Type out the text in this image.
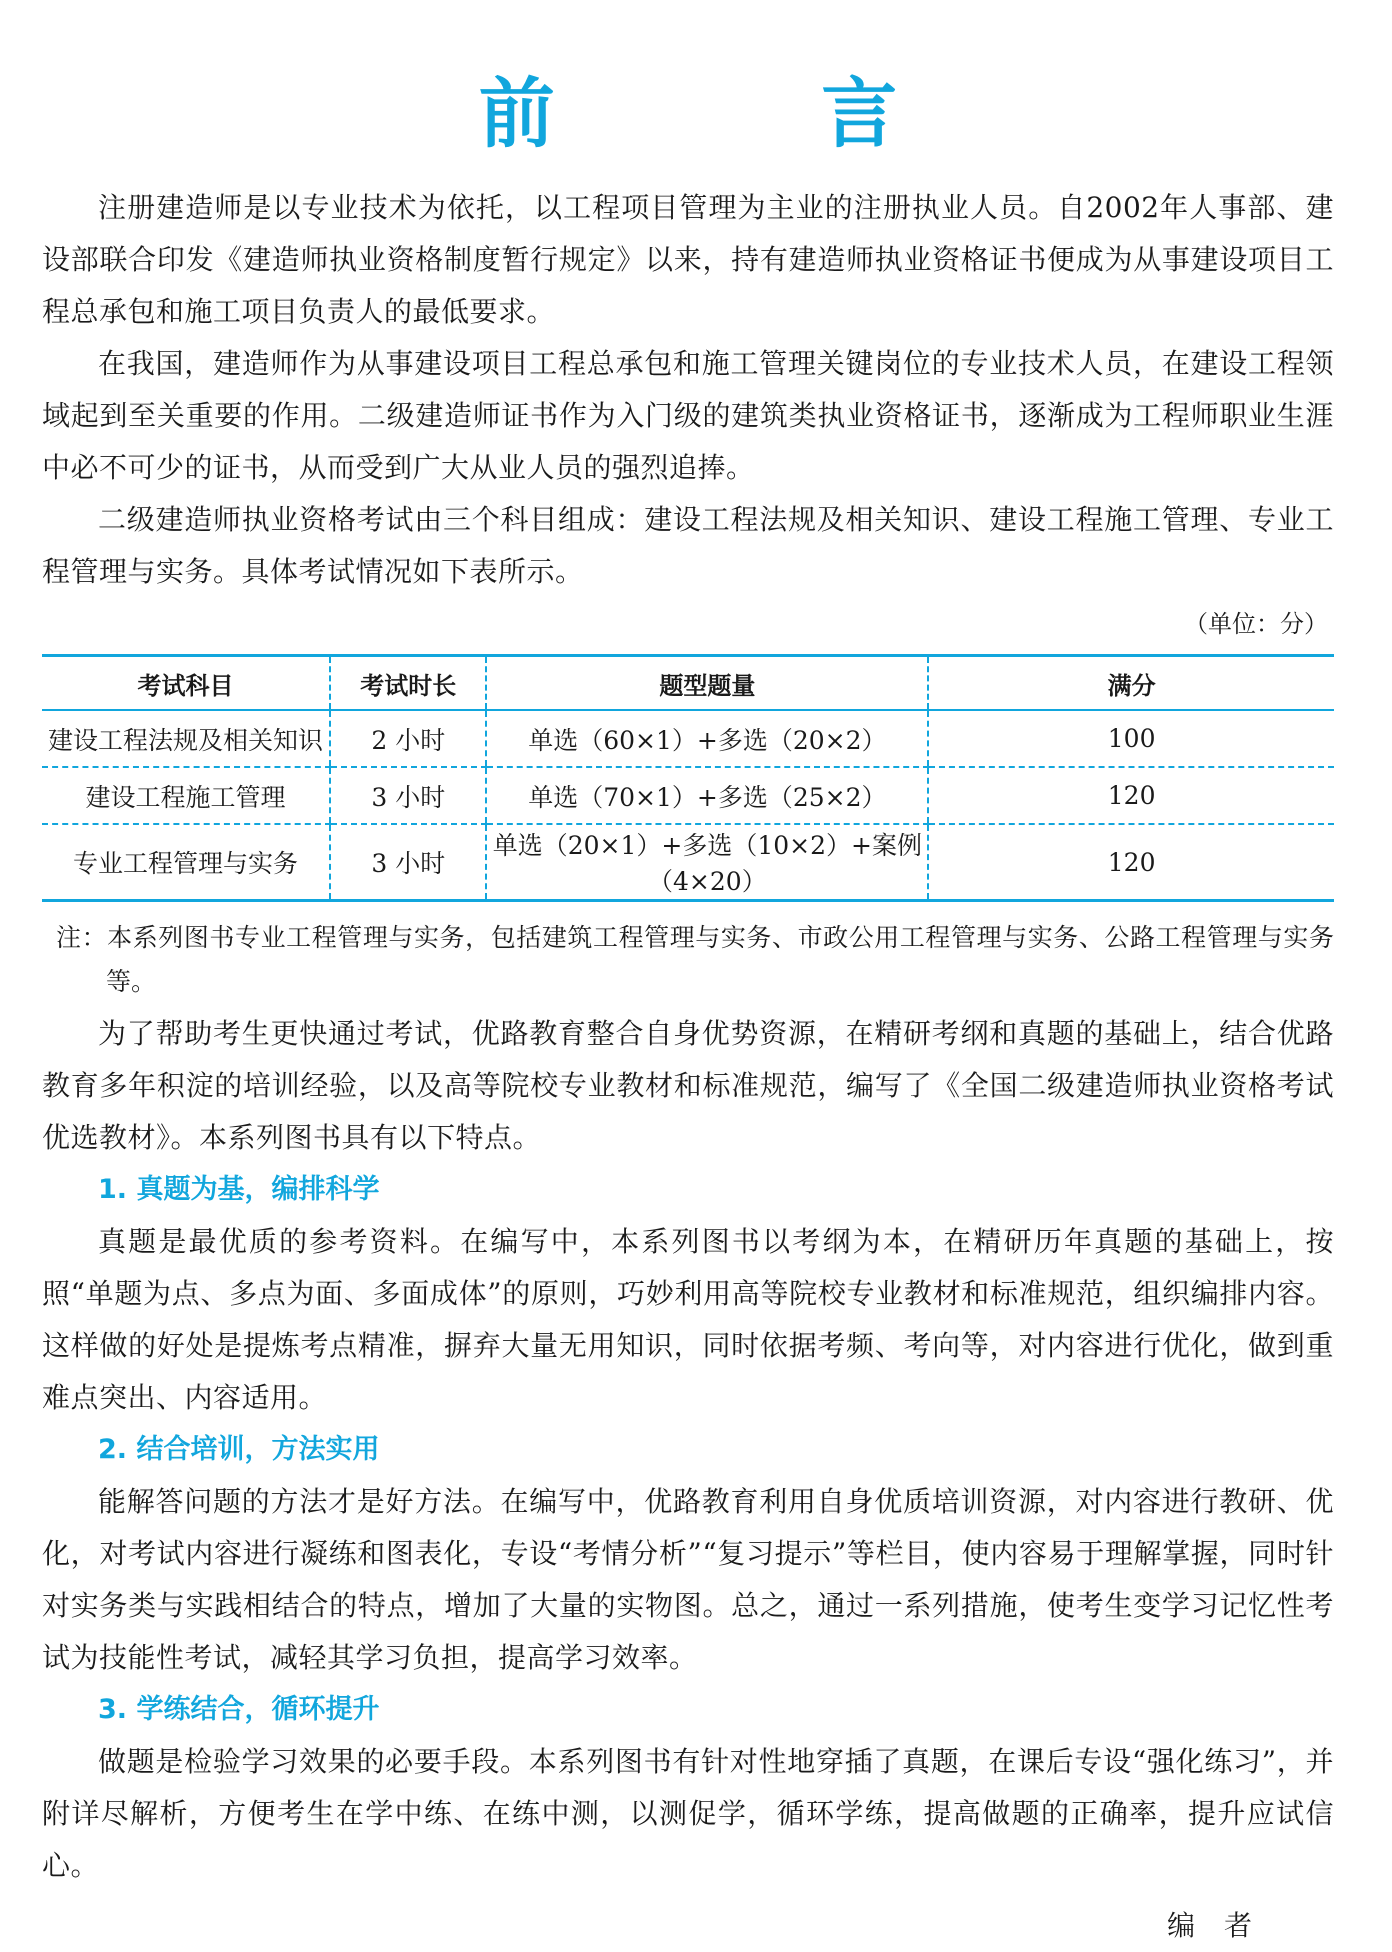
前 言

注册建造师是以专业技术为依托，以工程项目管理为主业的注册执业人员。自2002年人事部、建设部联合印发《建造师执业资格制度暂行规定》以来，持有建造师执业资格证书便成为从事建设项目工程总承包和施工项目负责人的最低要求。

在我国，建造师作为从事建设项目工程总承包和施工管理关键岗位的专业技术人员，在建设工程领域起到至关重要的作用。二级建造师证书作为入门级的建筑类执业资格证书，逐渐成为工程师职业生涯中必不可少的证书，从而受到广大从业人员的强烈追捧。

二级建造师执业资格考试由三个科目组成：建设工程法规及相关知识、建设工程施工管理、专业工程管理与实务。具体考试情况如下表所示。

（单位：分）
考试科目	考试时长	题型题量	满分
建设工程法规及相关知识	2 小时	单选（60×1）+多选（20×2）	100
建设工程施工管理	3 小时	单选（70×1）+多选（25×2）	120
专业工程管理与实务	3 小时	单选（20×1）+多选（10×2）+案例（4×20）	120

注：本系列图书专业工程管理与实务，包括建筑工程管理与实务、市政公用工程管理与实务、公路工程管理与实务等。

为了帮助考生更快通过考试，优路教育整合自身优势资源，在精研考纲和真题的基础上，结合优路教育多年积淀的培训经验，以及高等院校专业教材和标准规范，编写了《全国二级建造师执业资格考试优选教材》。本系列图书具有以下特点。

1. 真题为基，编排科学

真题是最优质的参考资料。在编写中，本系列图书以考纲为本，在精研历年真题的基础上，按照“单题为点、多点为面、多面成体”的原则，巧妙利用高等院校专业教材和标准规范，组织编排内容。这样做的好处是提炼考点精准，摒弃大量无用知识，同时依据考频、考向等，对内容进行优化，做到重难点突出、内容适用。

2. 结合培训，方法实用

能解答问题的方法才是好方法。在编写中，优路教育利用自身优质培训资源，对内容进行教研、优化，对考试内容进行凝练和图表化，专设“考情分析”“复习提示”等栏目，使内容易于理解掌握，同时针对实务类与实践相结合的特点，增加了大量的实物图。总之，通过一系列措施，使考生变学习记忆性考试为技能性考试，减轻其学习负担，提高学习效率。

3. 学练结合，循环提升

做题是检验学习效果的必要手段。本系列图书有针对性地穿插了真题，在课后专设“强化练习”，并附详尽解析，方便考生在学中练、在练中测，以测促学，循环学练，提高做题的正确率，提升应试信心。

编 者
